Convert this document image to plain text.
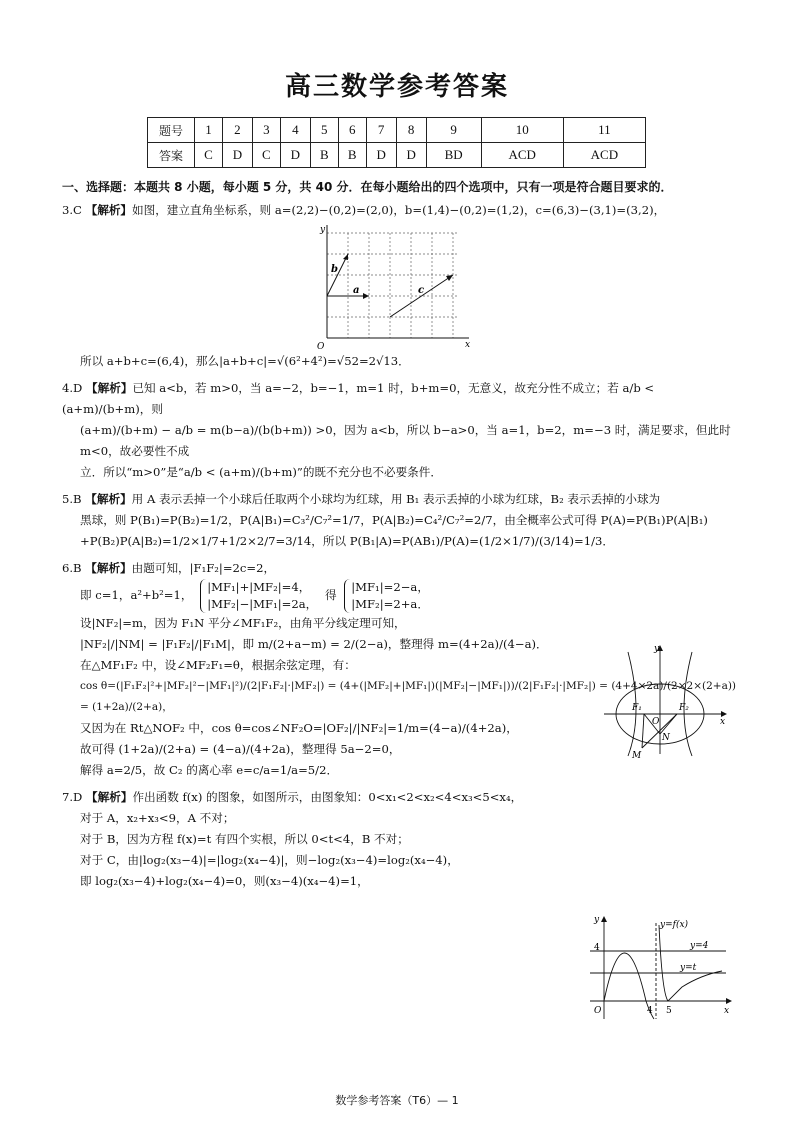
高三数学参考答案
题号	1	2	3	4	5	6	7	8	9	10	11
答案	C	D	C	D	B	B	D	D	BD	ACD	ACD

一、选择题：本题共 8 小题，每小题 5 分，共 40 分．在每小题给出的四个选项中，只有一项是符合题目要求的．

3.C 【解析】如图，建立直角坐标系，则 a=(2,2)−(0,2)=(2,0)，b=(1,4)−(0,2)=(1,2)，c=(6,3)−(3,1)=(3,2)，

y
x
O
a
b
c

所以 a+b+c=(6,4)，那么|a+b+c|=√(6²+4²)=√52=2√13．

4.D 【解析】已知 a<b，若 m>0，当 a=−2，b=−1，m=1 时，b+m=0，无意义，故充分性不成立；若 a/b < (a+m)/(b+m)，则

(a+m)/(b+m) − a/b = m(b−a)/(b(b+m)) >0，因为 a<b，所以 b−a>0，当 a=1，b=2，m=−3 时，满足要求，但此时 m<0，故必要性不成

立．所以“m>0”是“a/b < (a+m)/(b+m)”的既不充分也不必要条件．

5.B 【解析】用 A 表示丢掉一个小球后任取两个小球均为红球，用 B₁ 表示丢掉的小球为红球，B₂ 表示丢掉的小球为

黑球，则 P(B₁)=P(B₂)=1/2，P(A|B₁)=C₃²/C₇²=1/7，P(A|B₂)=C₄²/C₇²=2/7，由全概率公式可得 P(A)=P(B₁)P(A|B₁)

+P(B₂)P(A|B₂)=1/2×1/7+1/2×2/7=3/14，所以 P(B₁|A)=P(AB₁)/P(A)=(1/2×1/7)/(3/14)=1/3．

6.B 【解析】由题可知，|F₁F₂|=2c=2，

即 c=1，a²+b²=1， |MF₁|+|MF₂|=4，
|MF₂|−|MF₁|=2a， 得 |MF₁|=2−a，
|MF₂|=2+a．

设|NF₂|=m，因为 F₁N 平分∠MF₁F₂，由角平分线定理可知，

|NF₂|/|NM| = |F₁F₂|/|F₁M|，即 m/(2+a−m) = 2/(2−a)，整理得 m=(4+2a)/(4−a)．

在△MF₁F₂ 中，设∠MF₂F₁=θ，根据余弦定理，有：

cos θ=(|F₁F₂|²+|MF₂|²−|MF₁|²)/(2|F₁F₂|·|MF₂|) = (4+(|MF₂|+|MF₁|)(|MF₂|−|MF₁|))/(2|F₁F₂|·|MF₂|) = (4+4×2a)/(2×2×(2+a)) = (1+2a)/(2+a)，

又因为在 Rt△NOF₂ 中，cos θ=cos∠NF₂O=|OF₂|/|NF₂|=1/m=(4−a)/(4+2a)，

故可得 (1+2a)/(2+a) = (4−a)/(4+2a)，整理得 5a−2=0，

解得 a=2/5，故 C₂ 的离心率 e=c/a=1/a=5/2．

7.D 【解析】作出函数 f(x) 的图象，如图所示，由图象知：0<x₁<2<x₂<4<x₃<5<x₄，

对于 A，x₂+x₃<9，A 不对；

对于 B，因为方程 f(x)=t 有四个实根，所以 0<t<4，B 不对；

对于 C，由|log₂(x₃−4)|=|log₂(x₄−4)|，则−log₂(x₃−4)=log₂(x₄−4)，

即 log₂(x₃−4)+log₂(x₄−4)=0，则(x₃−4)(x₄−4)=1，

y
x
O
F₁	F₂
M
N
y
x
O
4
4 5
y=f(x)
y=4
y=t
数学参考答案（T6）— 1
